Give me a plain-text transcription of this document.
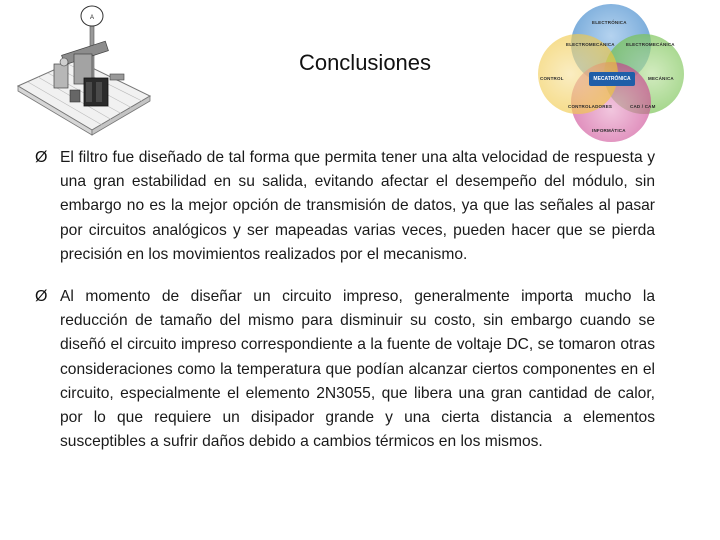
A
Conclusiones
ELECTRÓNICA
ELECTROMECÁNICA	ELECTROMECÁNICA
CONTROL	MECÁNICA
CONTROLADORES	CAD / CAM
INFORMÁTICA
MECATRÓNICA
Ø El filtro fue diseñado de tal forma que permita tener una alta velocidad de respuesta y una gran estabilidad en su salida, evitando afectar el desempeño del módulo, sin embargo no es la mejor opción de transmisión de datos, ya que las señales al pasar por circuitos analógicos y ser mapeadas varias veces, pueden hacer que se pierda precisión en los movimientos realizados por el mecanismo.
Ø Al momento de diseñar un circuito impreso, generalmente importa mucho la reducción de tamaño del mismo para disminuir su costo, sin embargo cuando se diseñó el circuito impreso correspondiente a la fuente de voltaje DC, se tomaron otras consideraciones como la temperatura que podían alcanzar ciertos componentes en el circuito, especialmente el elemento 2N3055, que libera una gran cantidad de calor, por lo que requiere un disipador grande y una cierta distancia a elementos susceptibles a sufrir daños debido a cambios térmicos en los mismos.
